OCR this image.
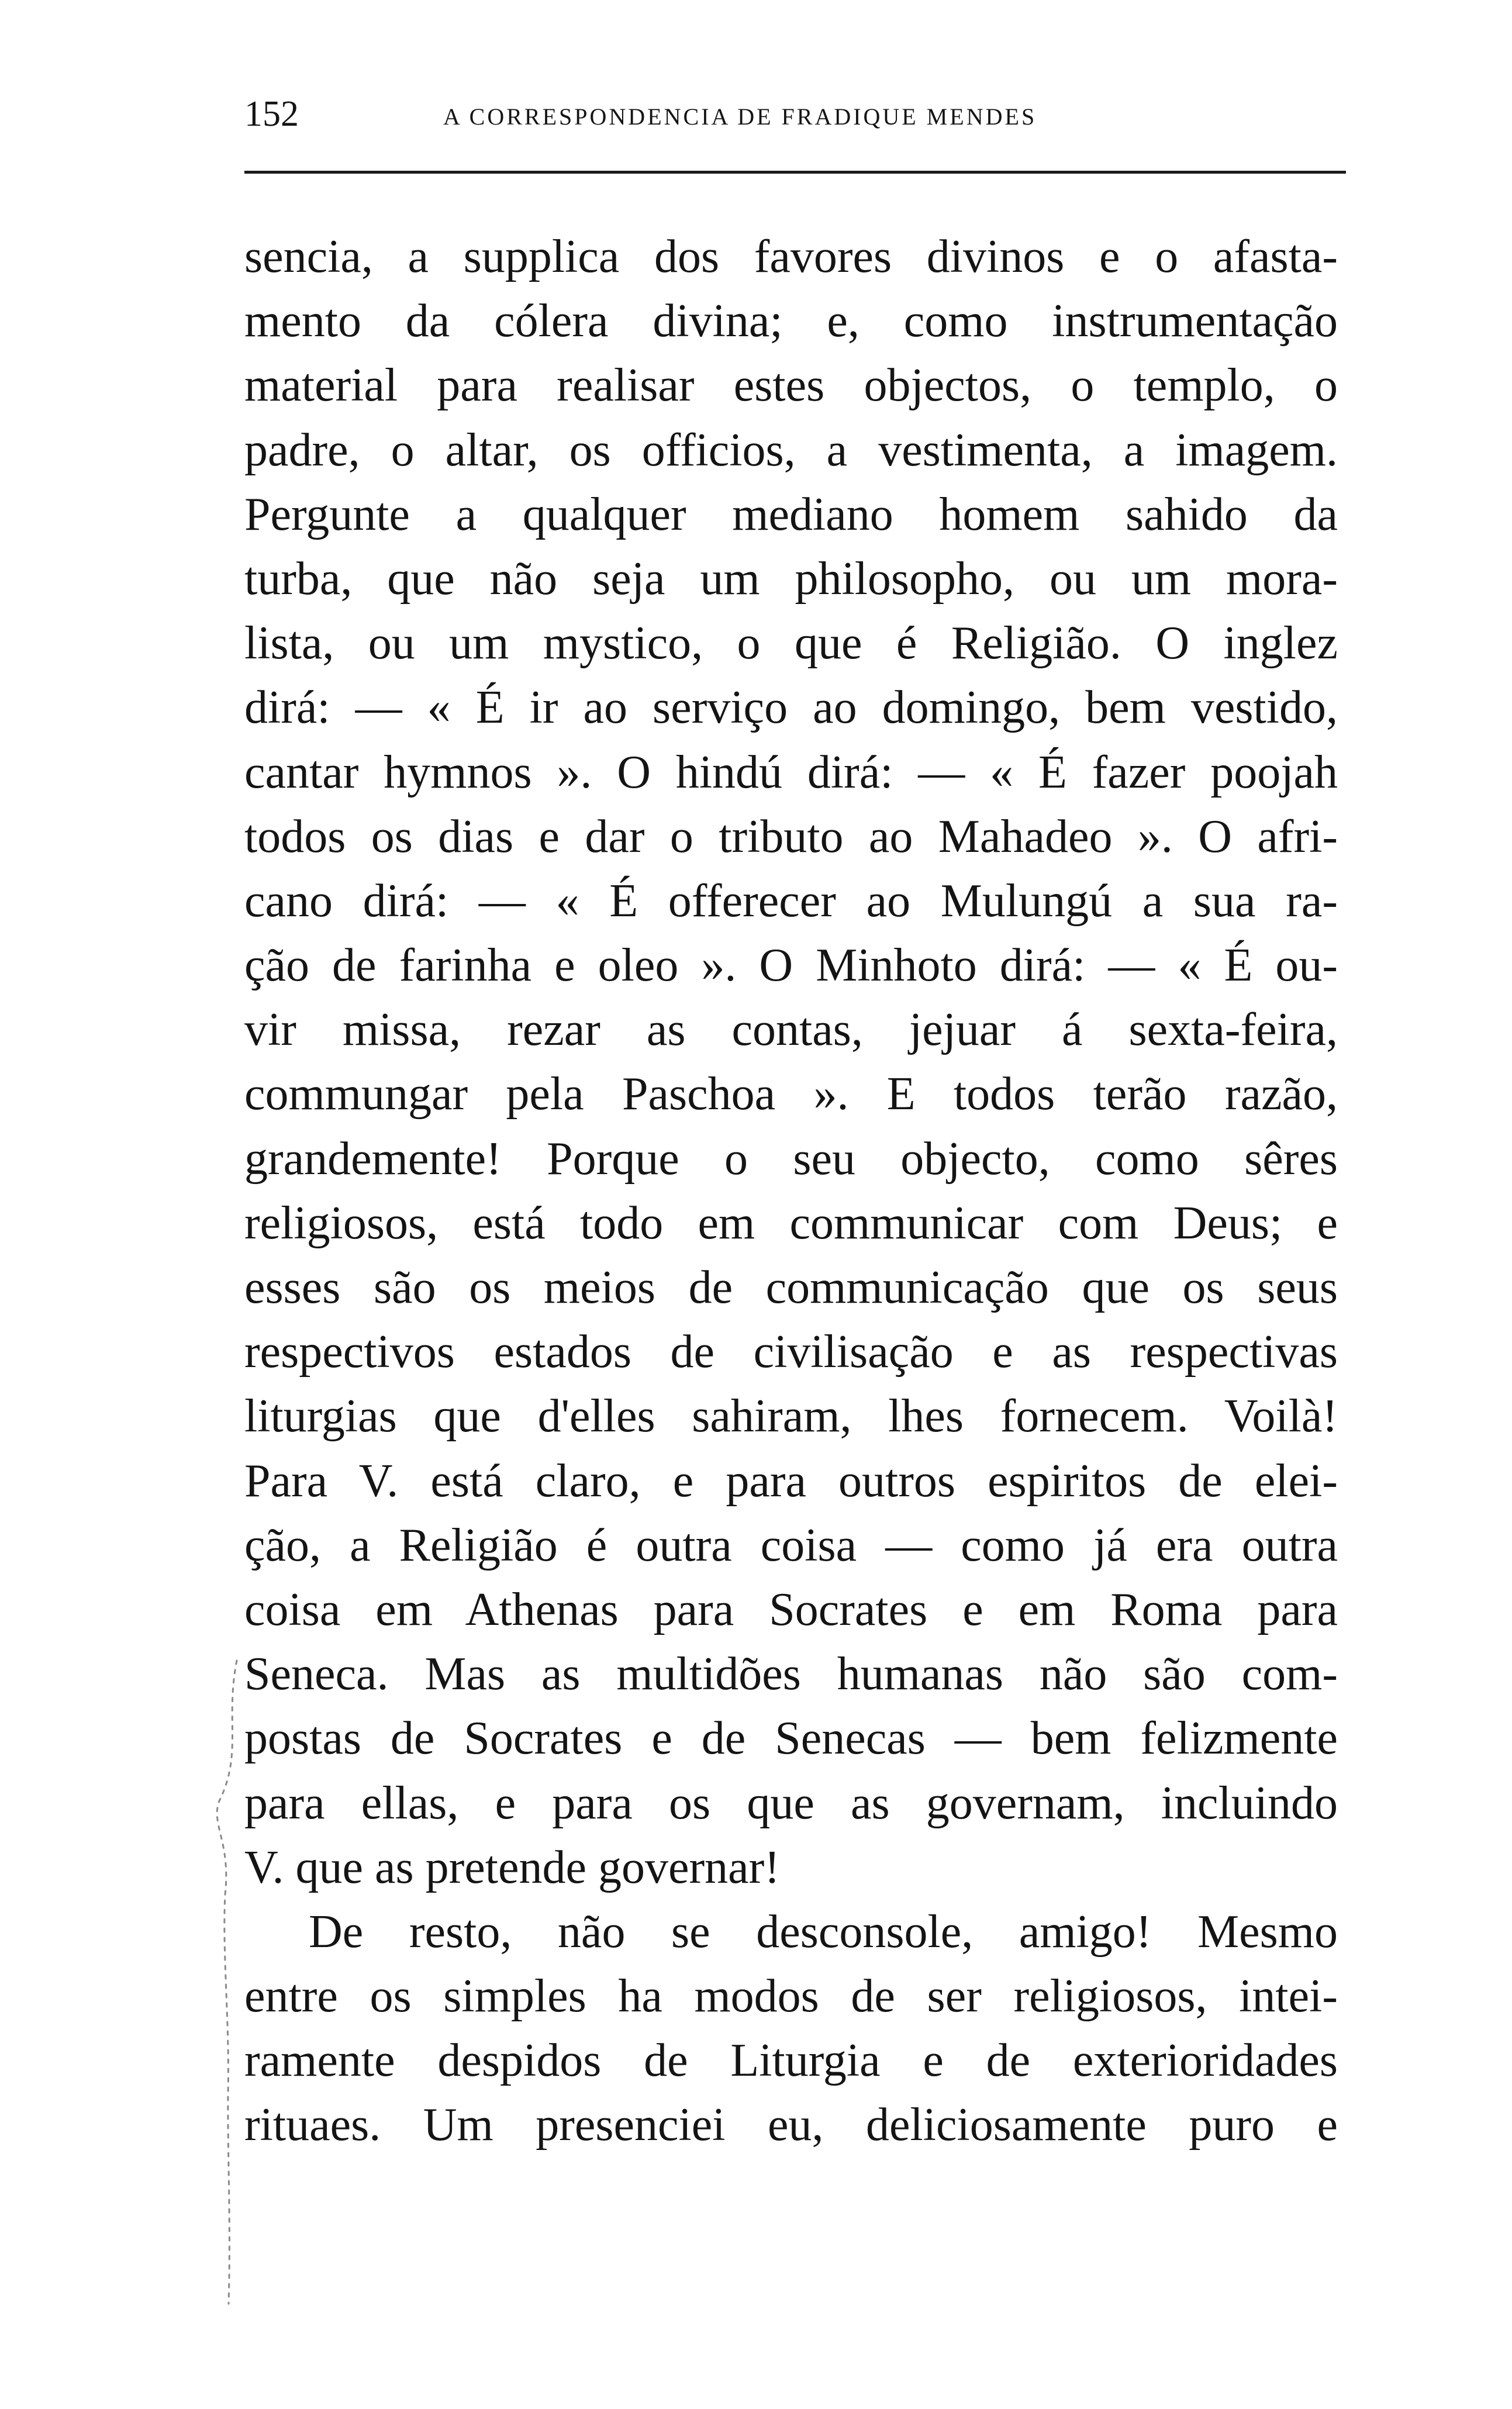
152	A CORRESPONDENCIA DE FRADIQUE MENDES
sencia, a supplica dos favores divinos e o afasta-
mento da cólera divina; e, como instrumentação
material para realisar estes objectos, o templo, o
padre, o altar, os officios, a vestimenta, a imagem.
Pergunte a qualquer mediano homem sahido da
turba, que não seja um philosopho, ou um mora-
lista, ou um mystico, o que é Religião. O inglez
dirá: — « É ir ao serviço ao domingo, bem vestido,
cantar hymnos ». O hindú dirá: — « É fazer poojah
todos os dias e dar o tributo ao Mahadeo ». O afri-
cano dirá: — « É offerecer ao Mulungú a sua ra-
ção de farinha e oleo ». O Minhoto dirá: — « É ou-
vir missa, rezar as contas, jejuar á sexta-feira,
commungar pela Paschoa ». E todos terão razão,
grandemente! Porque o seu objecto, como sêres
religiosos, está todo em communicar com Deus; e
esses são os meios de communicação que os seus
respectivos estados de civilisação e as respectivas
liturgias que d'elles sahiram, lhes fornecem. Voilà!
Para V. está claro, e para outros espiritos de elei-
ção, a Religião é outra coisa — como já era outra
coisa em Athenas para Socrates e em Roma para
Seneca. Mas as multidões humanas não são com-
postas de Socrates e de Senecas — bem felizmente
para ellas, e para os que as governam, incluindo
V. que as pretende governar!
De resto, não se desconsole, amigo! Mesmo
entre os simples ha modos de ser religiosos, intei-
ramente despidos de Liturgia e de exterioridades
rituaes. Um presenciei eu, deliciosamente puro e
